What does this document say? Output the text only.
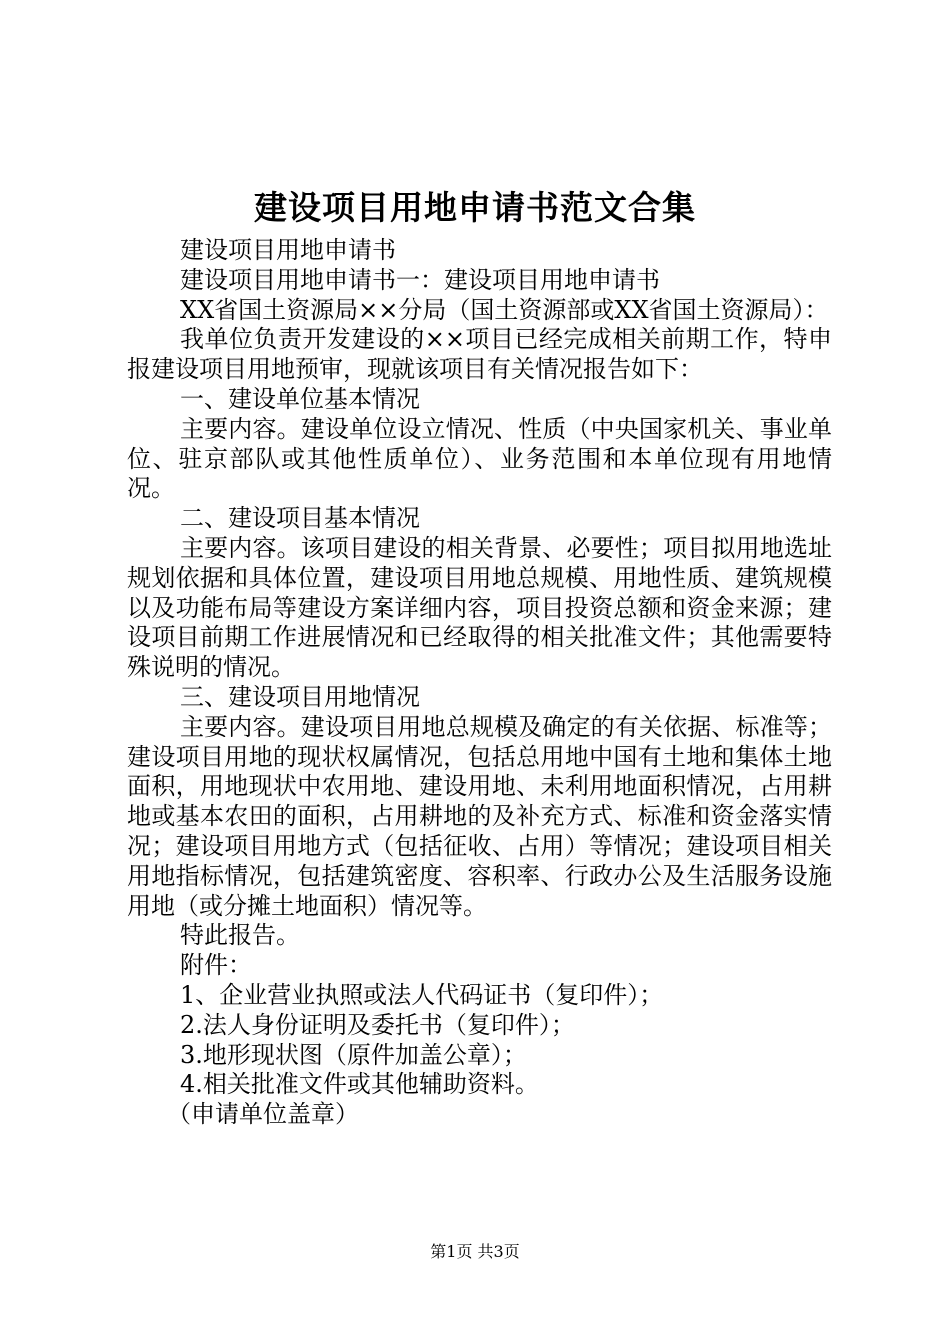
建设项目用地申请书范文合集

建设项目用地申请书

建设项目用地申请书一：建设项目用地申请书

XX省国土资源局××分局（国土资源部或XX省国土资源局）：

我单位负责开发建设的××项目已经完成相关前期工作，特申报建设项目用地预审，现就该项目有关情况报告如下：

一、建设单位基本情况

主要内容。建设单位设立情况、性质（中央国家机关、事业单位、驻京部队或其他性质单位）、业务范围和本单位现有用地情况。

二、建设项目基本情况

主要内容。该项目建设的相关背景、必要性；项目拟用地选址规划依据和具体位置，建设项目用地总规模、用地性质、建筑规模以及功能布局等建设方案详细内容，项目投资总额和资金来源；建设项目前期工作进展情况和已经取得的相关批准文件；其他需要特殊说明的情况。

三、建设项目用地情况

主要内容。建设项目用地总规模及确定的有关依据、标准等；建设项目用地的现状权属情况，包括总用地中国有土地和集体土地面积，用地现状中农用地、建设用地、未利用地面积情况，占用耕地或基本农田的面积，占用耕地的及补充方式、标准和资金落实情况；建设项目用地方式（包括征收、占用）等情况；建设项目相关用地指标情况，包括建筑密度、容积率、行政办公及生活服务设施用地（或分摊土地面积）情况等。

特此报告。

附件：

1、企业营业执照或法人代码证书（复印件）；

2.法人身份证明及委托书（复印件）；

3.地形现状图（原件加盖公章）；

4.相关批准文件或其他辅助资料。

（申请单位盖章）

第1页 共3页
